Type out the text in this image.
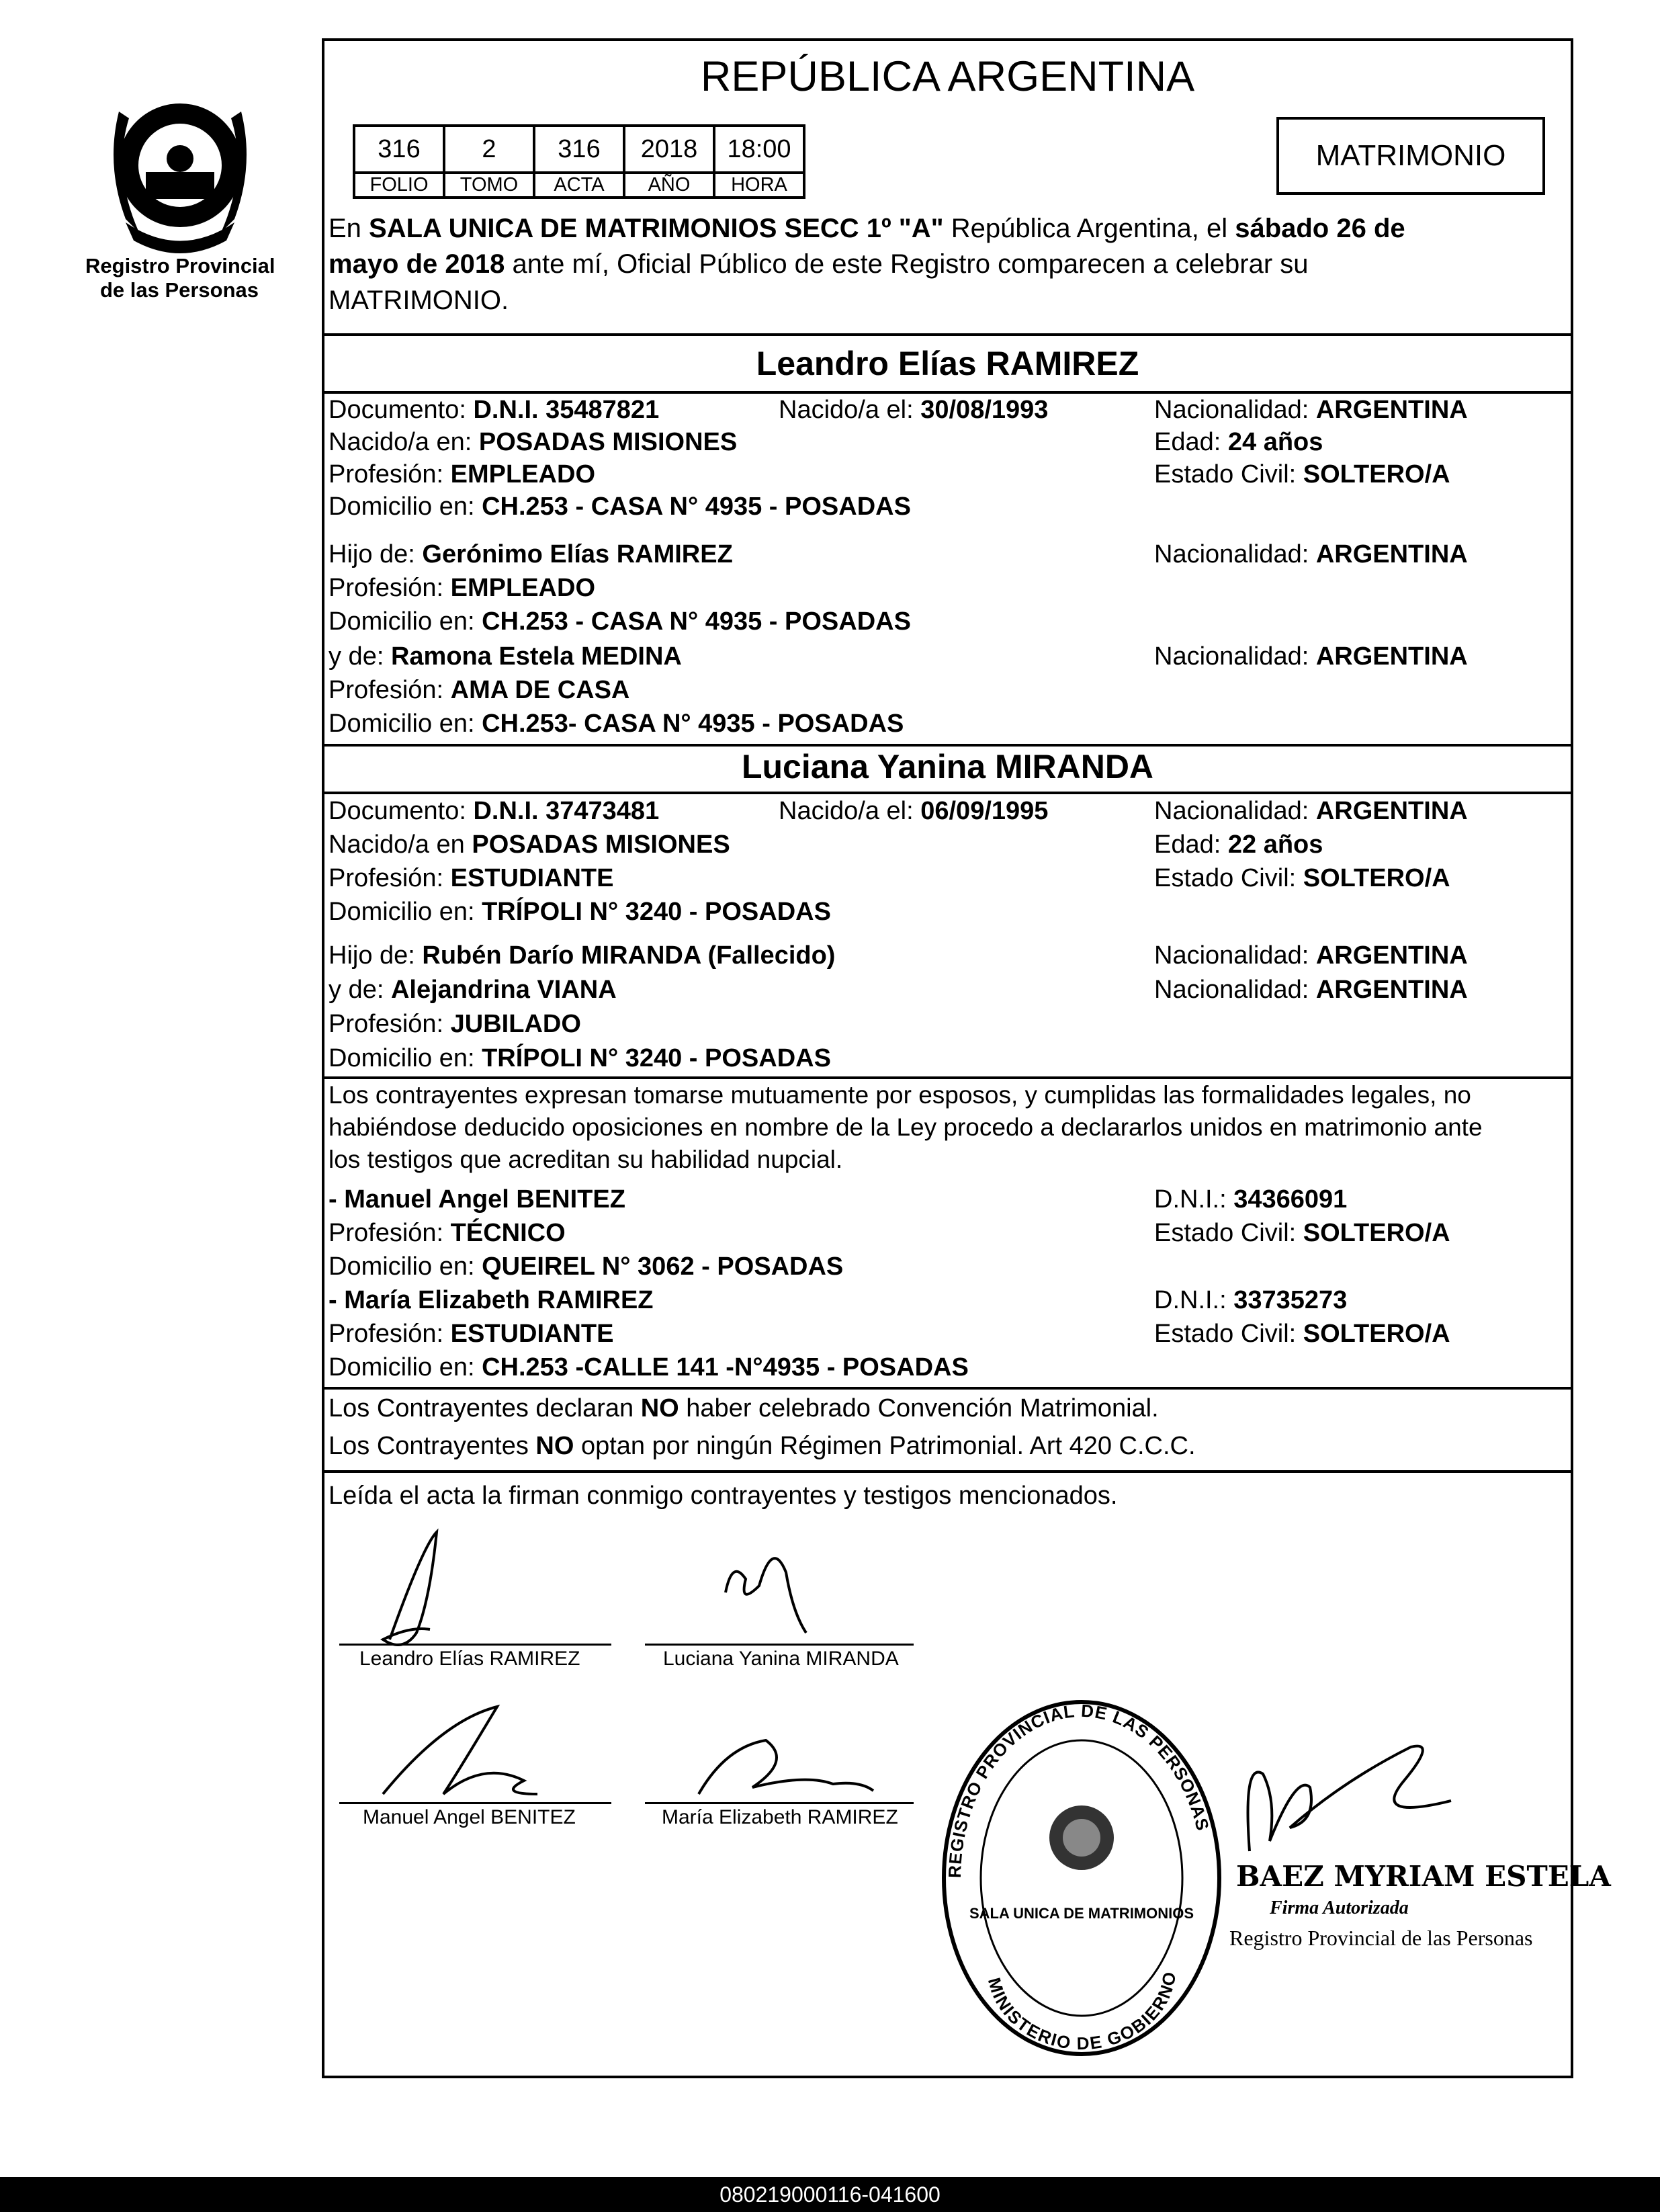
Registro Provincial
de las Personas
REPÚBLICA ARGENTINA
316	2	316	2018	18:00
FOLIO	TOMO	ACTA	AÑO	HORA
MATRIMONIO
En SALA UNICA DE MATRIMONIOS SECC 1º "A" República Argentina, el sábado 26 de
mayo de 2018 ante mí, Oficial Público de este Registro comparecen a celebrar su
MATRIMONIO.
Leandro Elías RAMIREZ
Documento: D.N.I. 35487821	Nacido/a el: 30/08/1993	Nacionalidad: ARGENTINA
Nacido/a en: POSADAS MISIONES	Edad: 24 años
Profesión: EMPLEADO	Estado Civil: SOLTERO/A
Domicilio en: CH.253 - CASA N° 4935 - POSADAS
Hijo de: Gerónimo Elías RAMIREZ	Nacionalidad: ARGENTINA
Profesión: EMPLEADO
Domicilio en: CH.253 - CASA N° 4935 - POSADAS
y de: Ramona Estela MEDINA	Nacionalidad: ARGENTINA
Profesión: AMA DE CASA
Domicilio en: CH.253- CASA N° 4935 - POSADAS
Luciana Yanina MIRANDA
Documento: D.N.I. 37473481	Nacido/a el: 06/09/1995	Nacionalidad: ARGENTINA
Nacido/a en POSADAS MISIONES	Edad: 22 años
Profesión: ESTUDIANTE	Estado Civil: SOLTERO/A
Domicilio en: TRÍPOLI N° 3240 - POSADAS
Hijo de: Rubén Darío MIRANDA (Fallecido)	Nacionalidad: ARGENTINA
y de: Alejandrina VIANA	Nacionalidad: ARGENTINA
Profesión: JUBILADO
Domicilio en: TRÍPOLI N° 3240 - POSADAS
Los contrayentes expresan tomarse mutuamente por esposos, y cumplidas las formalidades legales, no
habiéndose deducido oposiciones en nombre de la Ley procedo a declararlos unidos en matrimonio ante
los testigos que acreditan su habilidad nupcial.
- Manuel Angel BENITEZ	D.N.I.: 34366091
Profesión: TÉCNICO	Estado Civil: SOLTERO/A
Domicilio en: QUEIREL N° 3062 - POSADAS
- María Elizabeth RAMIREZ	D.N.I.: 33735273
Profesión: ESTUDIANTE	Estado Civil: SOLTERO/A
Domicilio en: CH.253 -CALLE 141 -N°4935 - POSADAS
Los Contrayentes declaran NO haber celebrado Convención Matrimonial.
Los Contrayentes NO optan por ningún Régimen Patrimonial. Art 420 C.C.C.
Leída el acta la firman conmigo contrayentes y testigos mencionados.
Leandro Elías RAMIREZ	Luciana Yanina MIRANDA
Manuel Angel BENITEZ	María Elizabeth RAMIREZ
REGISTRO PROVINCIAL DE LAS PERSONAS
SALA UNICA DE MATRIMONIOS
MINISTERIO DE GOBIERNO
BAEZ MYRIAM ESTELA
Firma Autorizada
Registro Provincial de las Personas
080219000116-041600
